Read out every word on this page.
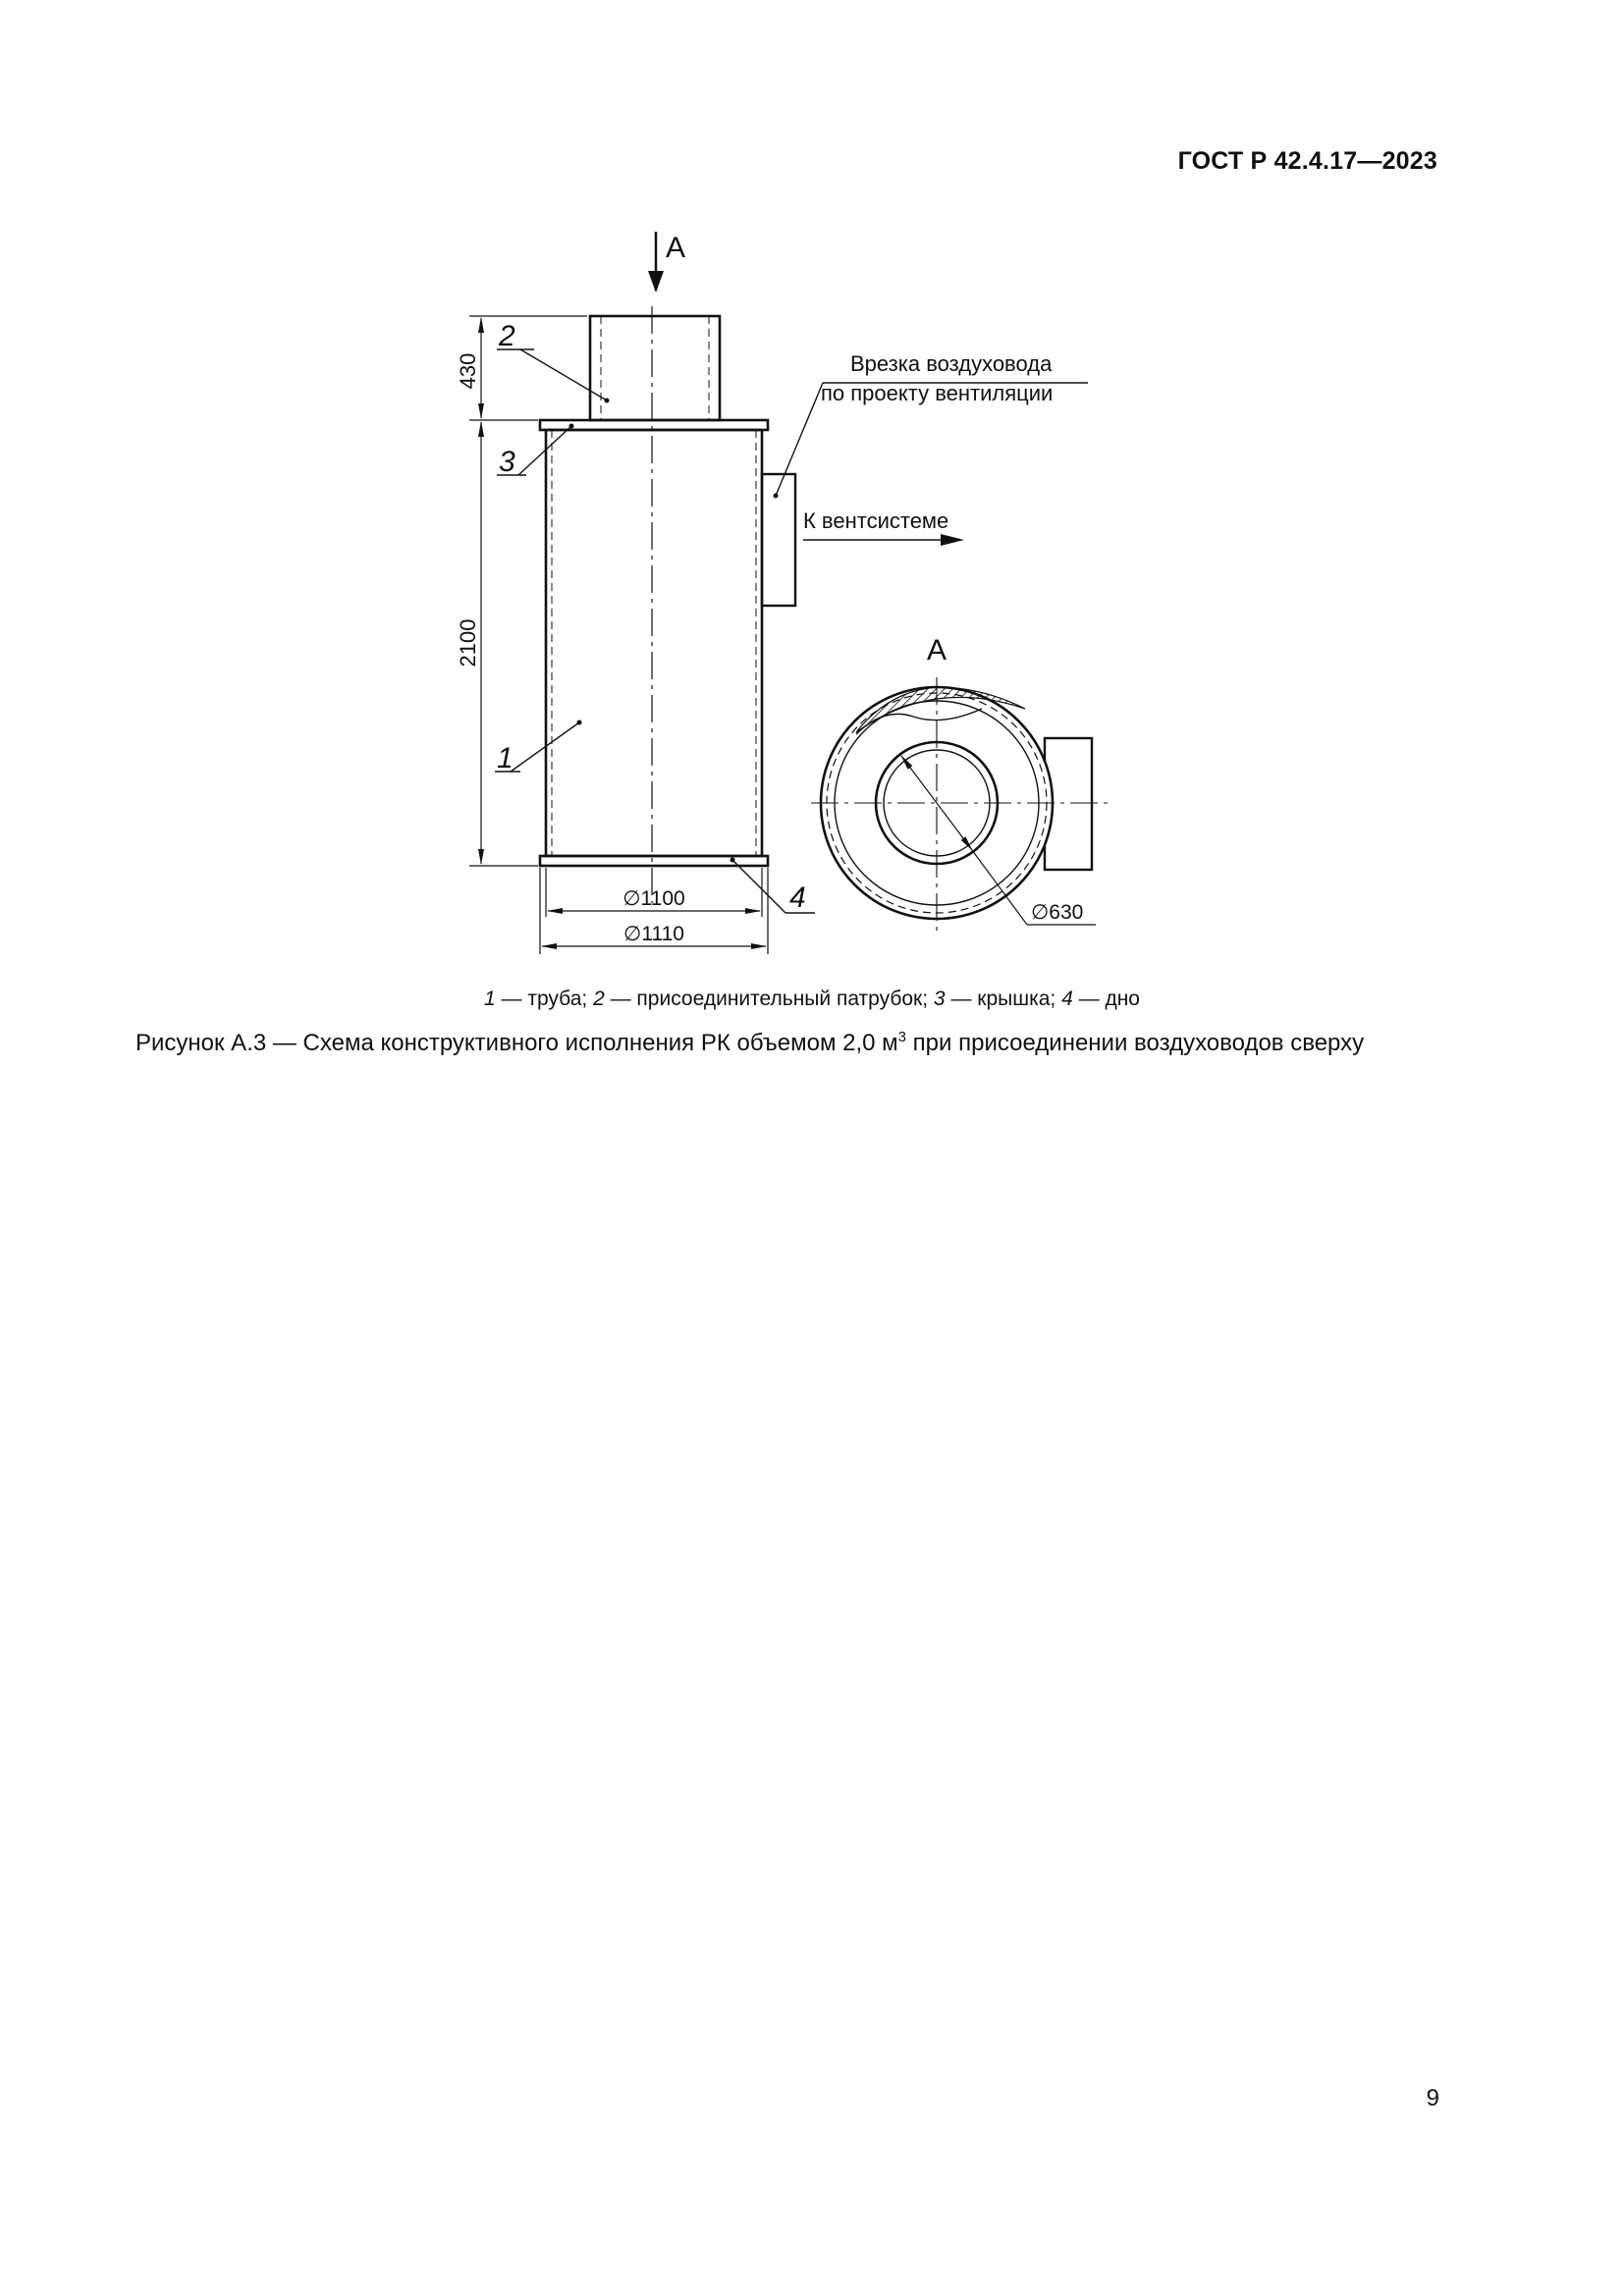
ГОСТ Р 42.4.17—2023
А
430
2100
∅1100
∅1110
2
3
1
4
Врезка воздуховода
по проекту вентиляции
К вентсистеме
А
∅630
1 — труба; 2 — присоединительный патрубок; 3 — крышка; 4 — дно
Рисунок А.3 — Схема конструктивного исполнения РК объемом 2,0 $м^3$ при присоединении воздуховодов сверху
9
